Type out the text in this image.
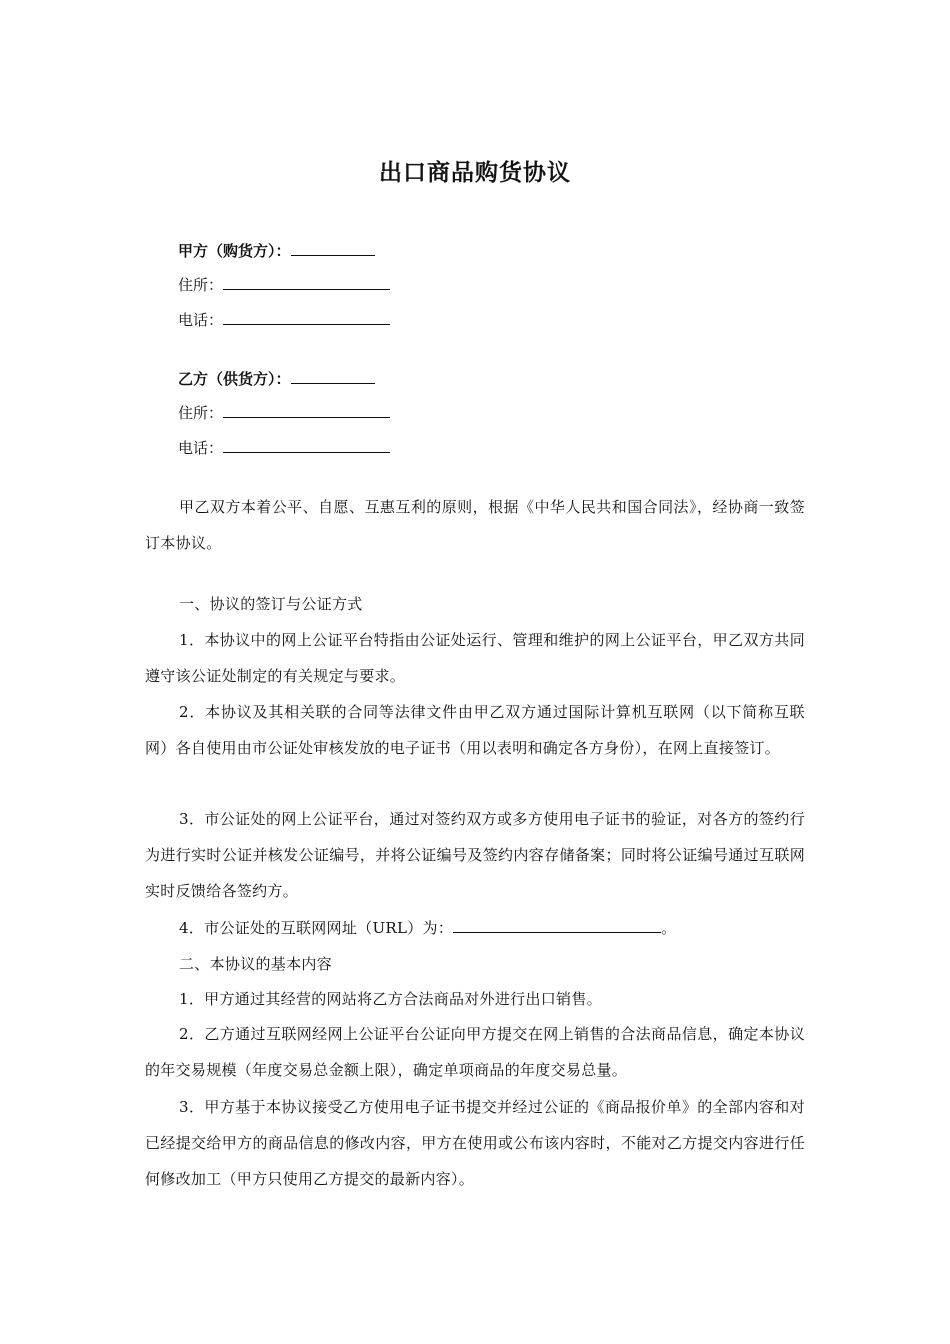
出口商品购货协议
甲方（购货方）：
住所：
电话：
乙方（供货方）：
住所：
电话：
甲乙双方本着公平、自愿、互惠互利的原则，根据《中华人民共和国合同法》，经协商一致签订本协议。
一、协议的签订与公证方式
1．本协议中的网上公证平台特指由公证处运行、管理和维护的网上公证平台，甲乙双方共同遵守该公证处制定的有关规定与要求。
2．本协议及其相关联的合同等法律文件由甲乙双方通过国际计算机互联网（以下简称互联网）各自使用由市公证处审核发放的电子证书（用以表明和确定各方身份），在网上直接签订。
3．市公证处的网上公证平台，通过对签约双方或多方使用电子证书的验证，对各方的签约行为进行实时公证并核发公证编号，并将公证编号及签约内容存储备案；同时将公证编号通过互联网实时反馈给各签约方。
4．市公证处的互联网网址（URL）为：	。
二、本协议的基本内容
1．甲方通过其经营的网站将乙方合法商品对外进行出口销售。
2．乙方通过互联网经网上公证平台公证向甲方提交在网上销售的合法商品信息，确定本协议的年交易规模（年度交易总金额上限），确定单项商品的年度交易总量。
3．甲方基于本协议接受乙方使用电子证书提交并经过公证的《商品报价单》的全部内容和对已经提交给甲方的商品信息的修改内容，甲方在使用或公布该内容时，不能对乙方提交内容进行任何修改加工（甲方只使用乙方提交的最新内容）。
